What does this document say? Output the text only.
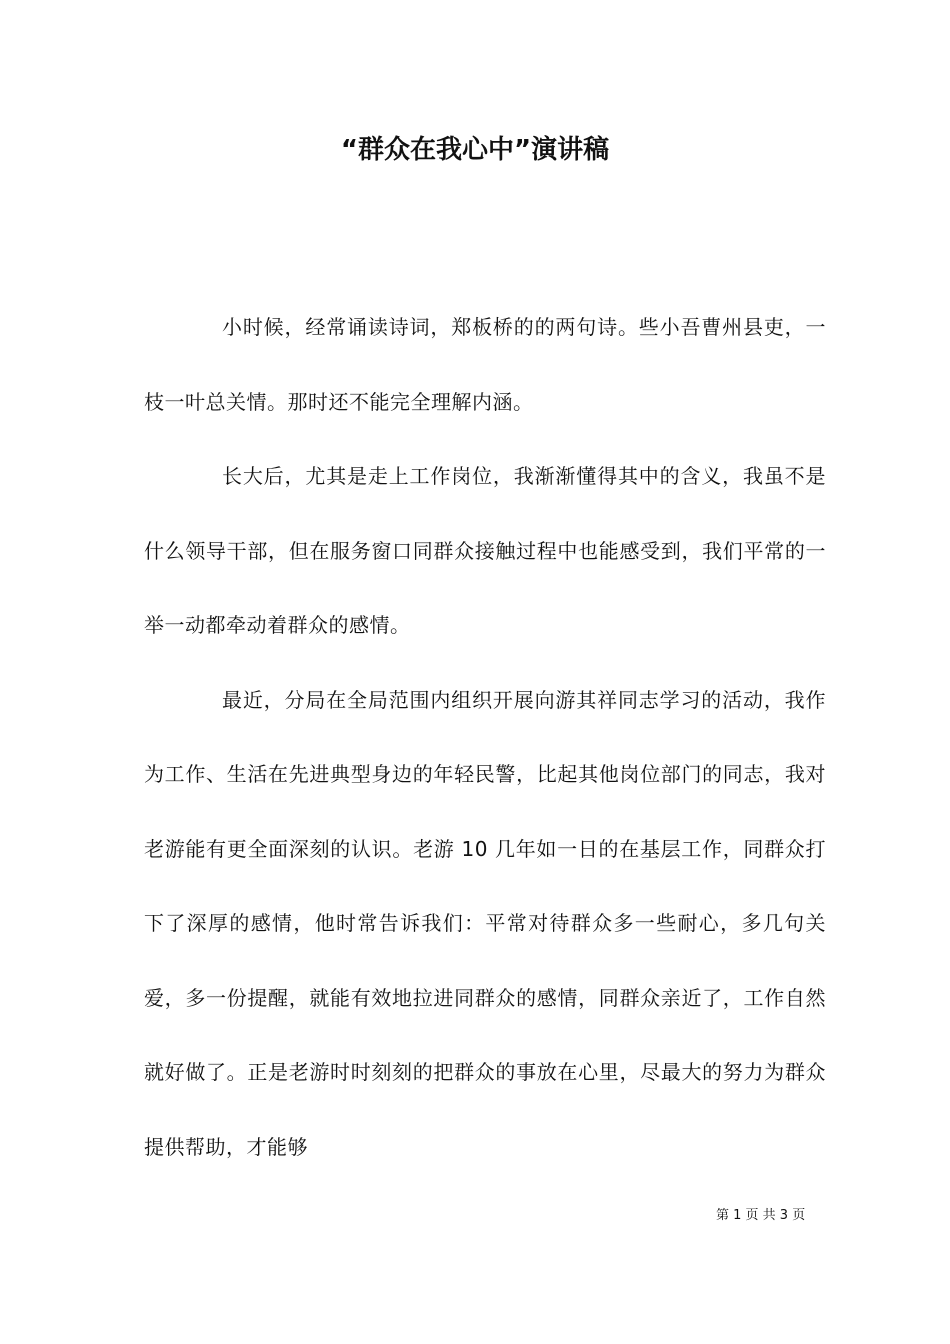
“群众在我心中”演讲稿

小时候，经常诵读诗词，郑板桥的的两句诗。些小吾曹州县吏，一枝一叶总关情。那时还不能完全理解内涵。

长大后，尤其是走上工作岗位，我渐渐懂得其中的含义，我虽不是什么领导干部，但在服务窗口同群众接触过程中也能感受到，我们平常的一举一动都牵动着群众的感情。

最近，分局在全局范围内组织开展向游其祥同志学习的活动，我作为工作、生活在先进典型身边的年轻民警，比起其他岗位部门的同志，我对老游能有更全面深刻的认识。老游 10 几年如一日的在基层工作，同群众打下了深厚的感情，他时常告诉我们：平常对待群众多一些耐心，多几句关爱，多一份提醒，就能有效地拉进同群众的感情，同群众亲近了，工作自然就好做了。正是老游时时刻刻的把群众的事放在心里，尽最大的努力为群众提供帮助，才能够

第 1 页 共 3 页
